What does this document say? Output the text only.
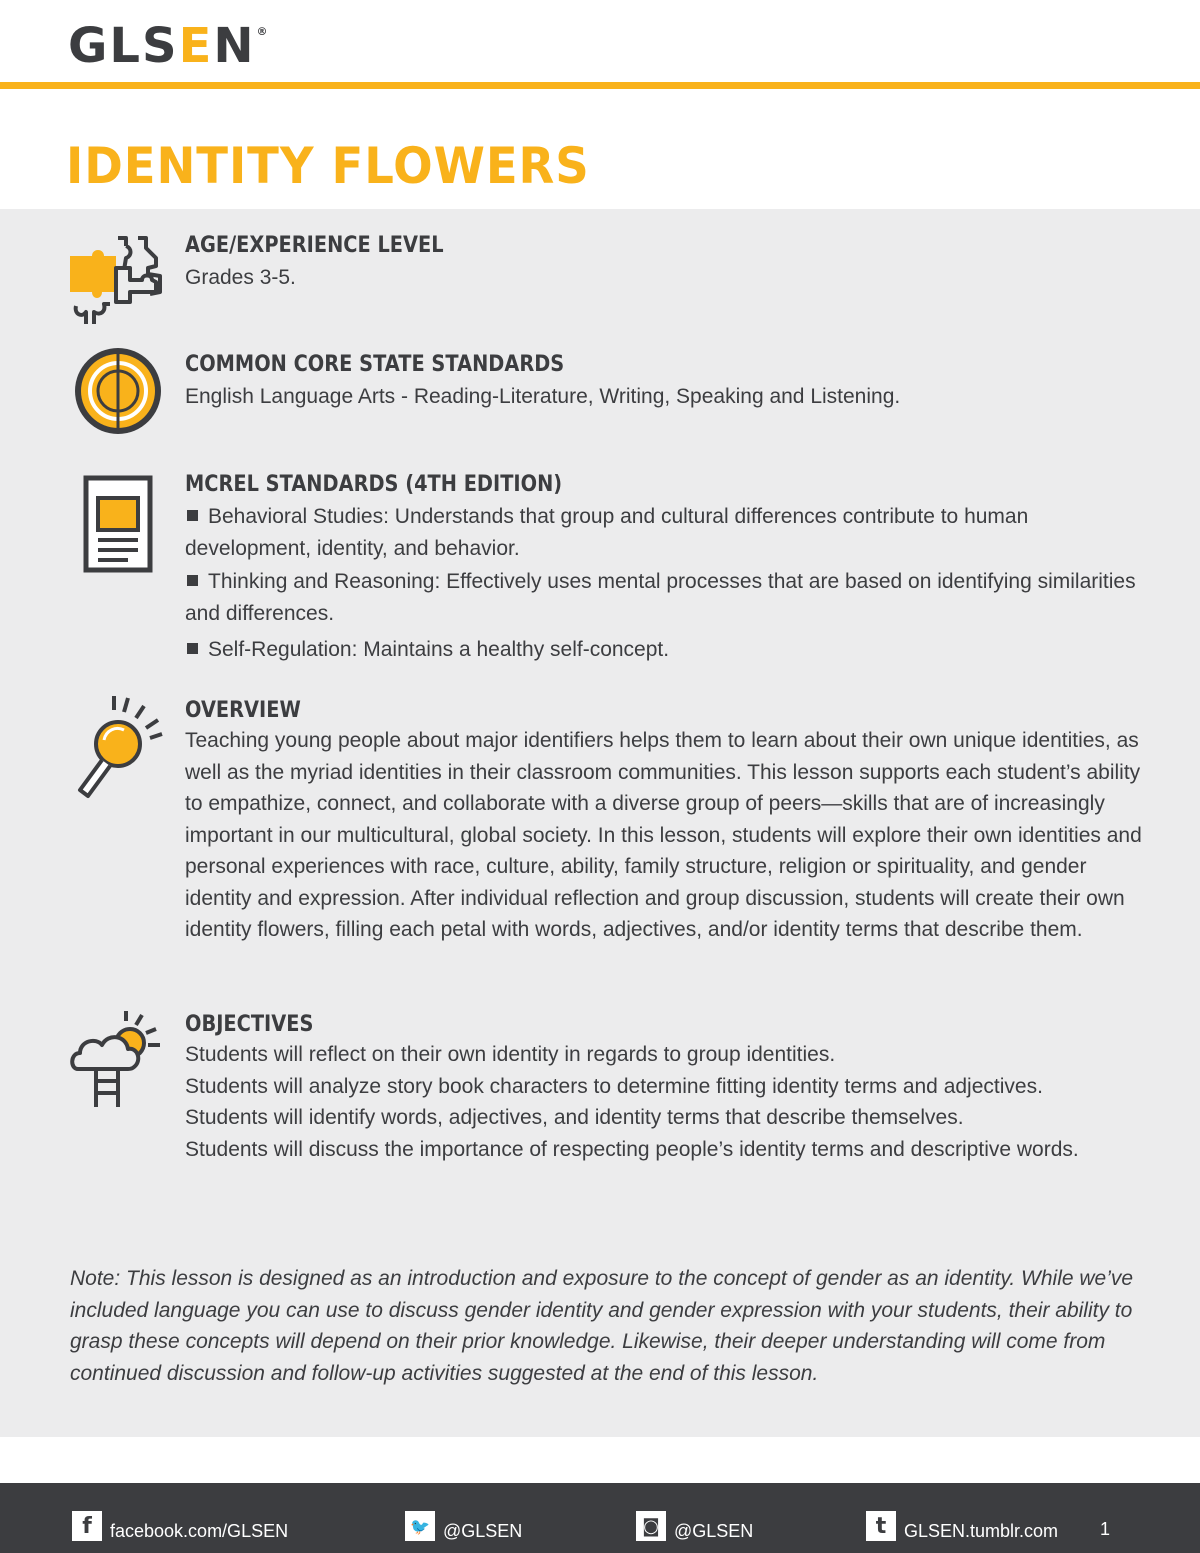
GLSEN®
IDENTITY FLOWERS
AGE/EXPERIENCE LEVEL
Grades 3-5.
COMMON CORE STATE STANDARDS
English Language Arts - Reading-Literature, Writing, Speaking and Listening.
MCREL STANDARDS (4TH EDITION)
Behavioral Studies: Understands that group and cultural differences contribute to human development, identity, and behavior.
Thinking and Reasoning: Effectively uses mental processes that are based on identifying similarities and differences.
Self-Regulation: Maintains a healthy self-concept.
OVERVIEW
Teaching young people about major identifiers helps them to learn about their own unique identities, as well as the myriad identities in their classroom communities. This lesson supports each student’s ability to empathize, connect, and collaborate with a diverse group of peers—skills that are of increasingly important in our multicultural, global society. In this lesson, students will explore their own identities and personal experiences with race, culture, ability, family structure, religion or spirituality, and gender identity and expression. After individual reflection and group discussion, students will create their own identity flowers, filling each petal with words, adjectives, and/or identity terms that describe them.
OBJECTIVES
Students will reflect on their own identity in regards to group identities.
Students will analyze story book characters to determine fitting identity terms and adjectives.
Students will identify words, adjectives, and identity terms that describe themselves.
Students will discuss the importance of respecting people’s identity terms and descriptive words.
Note: This lesson is designed as an introduction and exposure to the concept of gender as an identity. While we’ve included language you can use to discuss gender identity and gender expression with your students, their ability to grasp these concepts will depend on their prior knowledge. Likewise, their deeper understanding will come from continued discussion and follow-up activities suggested at the end of this lesson.
f facebook.com/GLSEN	🐦 @GLSEN	◙ @GLSEN	t GLSEN.tumblr.com 1
